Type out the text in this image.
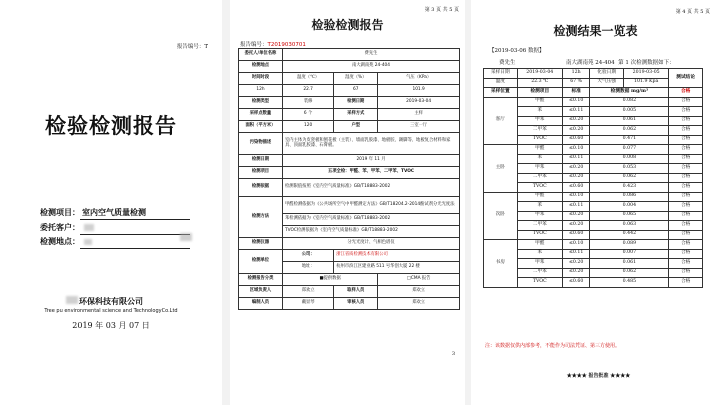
报告编号：T
检验检测报告
检测项目： 室内空气质量检测
委托客户：
检测地点：
环保科技有限公司
Tree pu environmental science and TechnologyCo.Ltd
2019 年 03 月 07 日
第 3 页 共 5 页
检验检测报告
报告编号：T2019030701
委托人/单位名称	费先生		
检测地点	南大湖南苑 24-404		
时间时段	温度（℃）	湿度（%）	气压（KPa）
12h	22.7	67	101.9
检测类型	装修	检测日期	2019-03-04
采样点数量	6 个	采样方式	主样
面积（平方米）	120	户型	三室一厅
污染物描述	室内主体为皮瓷板和刨花板（主装）、墙面乳胶漆、地板胶、踢脚等、地板复合材料和家具、顶面乳胶漆、石膏板。		
检测日期	2019 年 11 月		
检测项目	五项全检：甲醛、苯、甲苯、二甲苯、TVOC		
检测依据	检测限值按照《室内空气质量标准》GB/T18883-2002		
检测方法	甲醛检测依据为《公共场所空气中甲醛测定方法》GB/T18204.2-2014酚试剂分光光度法		
	苯检测依据为《室内空气质量标准》GB/T18883-2002		
	TVOC检测依据为《室内空气质量标准》GB/T18883-2002		
检测仪器	分光光度计、气相色谱仪		
检测单位	公司：	浙江省质检测技术有限公司	
	地址：	杭州市滨江区建业路 511 号华创大厦 22 楼	
检测报告分类	■提供数据		□CMA 报告
区域负责人	郑欢立	取样人员	郑欢立
编制人员	戴显琴	审核人员	郑欢立
3
第 4 页 共 5 页
检测结果一览表
【2019-03-06 数据】
费先生	南大湖南苑 24-404 第 1 次检测数据如下：
采样日期	2019-03-04	12h	化验日期	2019-03-05	测试结论
温度	22.3 ℃	67 %	大气压强	101.9 Kpa	
采样位置	检测项目	标准	检测数据 mg/m³		合格
客厅	甲醛	≤0.10	0.082		合格
	苯	≤0.11	0.005		合格
	甲苯	≤0.20	0.061		合格
	二甲苯	≤0.20	0.062		合格
	TVOC	≤0.60	0.471		合格
主卧	甲醛	≤0.10	0.077		合格
	苯	≤0.11	0.008		合格
	甲苯	≤0.20	0.053		合格
	二甲苯	≤0.20	0.062		合格
	TVOC	≤0.60	0.423		合格
次卧	甲醛	≤0.10	0.086		合格
	苯	≤0.11	0.004		合格
	甲苯	≤0.20	0.065		合格
	二甲苯	≤0.20	0.063		合格
	TVOC	≤0.60	0.442		合格
书房	甲醛	≤0.10	0.089		合格
	苯	≤0.11	0.007		合格
	甲苯	≤0.20	0.061		合格
	二甲苯	≤0.20	0.062		合格
	TVOC	≤0.60	0.485		合格
注：该数据仅供内部参考，不能作为司法凭证、第三方使用。
★★★★ 报告批准 ★★★★
